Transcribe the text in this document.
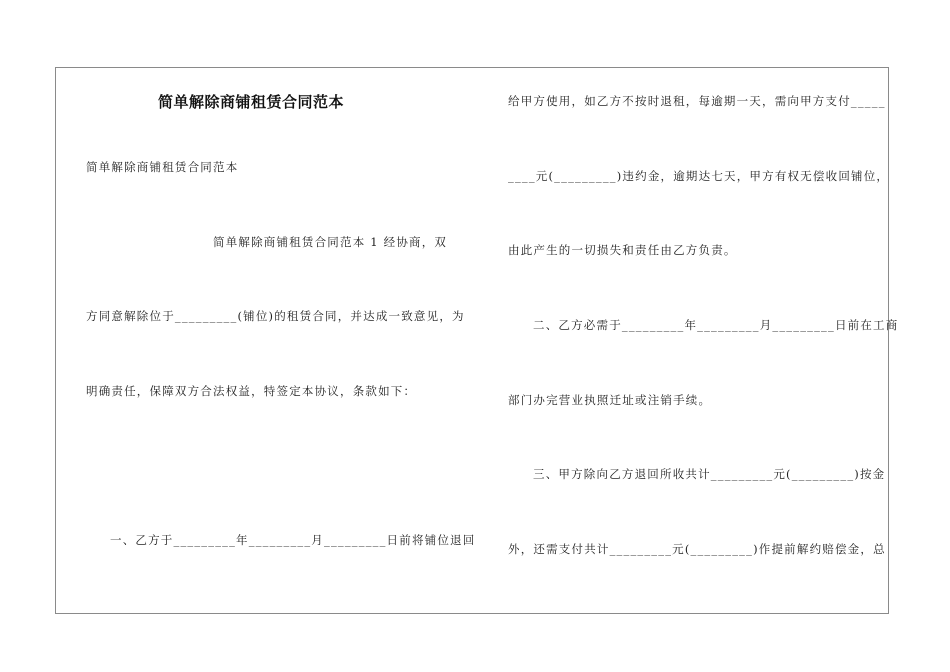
简单解除商铺租赁合同范本
简单解除商铺租赁合同范本
简单解除商铺租赁合同范本 1 经协商，双
方同意解除位于_________(铺位)的租赁合同，并达成一致意见，为
明确责任，保障双方合法权益，特签定本协议，条款如下：
一、乙方于_________年_________月_________日前将铺位退回
给甲方使用，如乙方不按时退租，每逾期一天，需向甲方支付_____
____元(_________)违约金，逾期达七天，甲方有权无偿收回铺位，
由此产生的一切损失和责任由乙方负责。
二、乙方必需于_________年_________月_________日前在工商
部门办完营业执照迁址或注销手续。
三、甲方除向乙方退回所收共计_________元(_________)按金
外，还需支付共计_________元(_________)作提前解约赔偿金，总
